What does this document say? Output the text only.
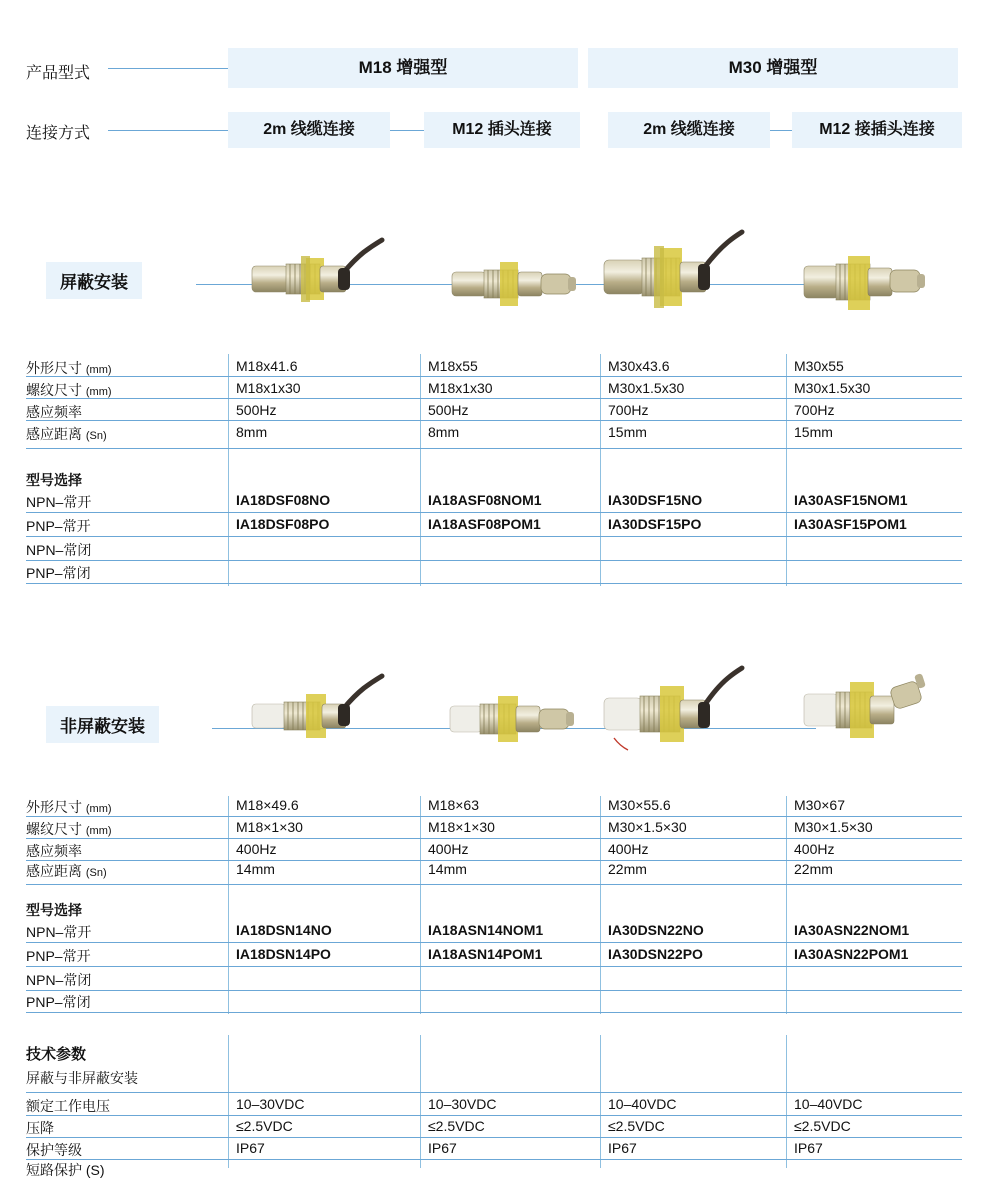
产品型式	M18 增强型	M30 增强型
连接方式	2m 线缆连接	M12 插头连接	2m 线缆连接	M12 接插头连接
屏蔽安装
外形尺寸 (mm)	M18x41.6	M18x55	M30x43.6	M30x55
螺纹尺寸 (mm)	M18x1x30	M18x1x30	M30x1.5x30	M30x1.5x30
感应频率	500Hz	500Hz	700Hz	700Hz
感应距离 (Sn)	8mm	8mm	15mm	15mm
型号选择
NPN–常开	IA18DSF08NO	IA18ASF08NOM1	IA30DSF15NO	IA30ASF15NOM1
PNP–常开	IA18DSF08PO	IA18ASF08POM1	IA30DSF15PO	IA30ASF15POM1
NPN–常闭
PNP–常闭
非屏蔽安装
外形尺寸 (mm)	M18×49.6	M18×63	M30×55.6	M30×67
螺纹尺寸 (mm)	M18×1×30	M18×1×30	M30×1.5×30	M30×1.5×30
感应频率	400Hz	400Hz	400Hz	400Hz
感应距离 (Sn)	14mm	14mm	22mm	22mm
型号选择
NPN–常开	IA18DSN14NO	IA18ASN14NOM1	IA30DSN22NO	IA30ASN22NOM1
PNP–常开	IA18DSN14PO	IA18ASN14POM1	IA30DSN22PO	IA30ASN22POM1
NPN–常闭
PNP–常闭
技术参数
屏蔽与非屏蔽安装
额定工作电压	10–30VDC	10–30VDC	10–40VDC	10–40VDC
压降	≤2.5VDC	≤2.5VDC	≤2.5VDC	≤2.5VDC
保护等级	IP67	IP67	IP67	IP67
短路保护 (S)
